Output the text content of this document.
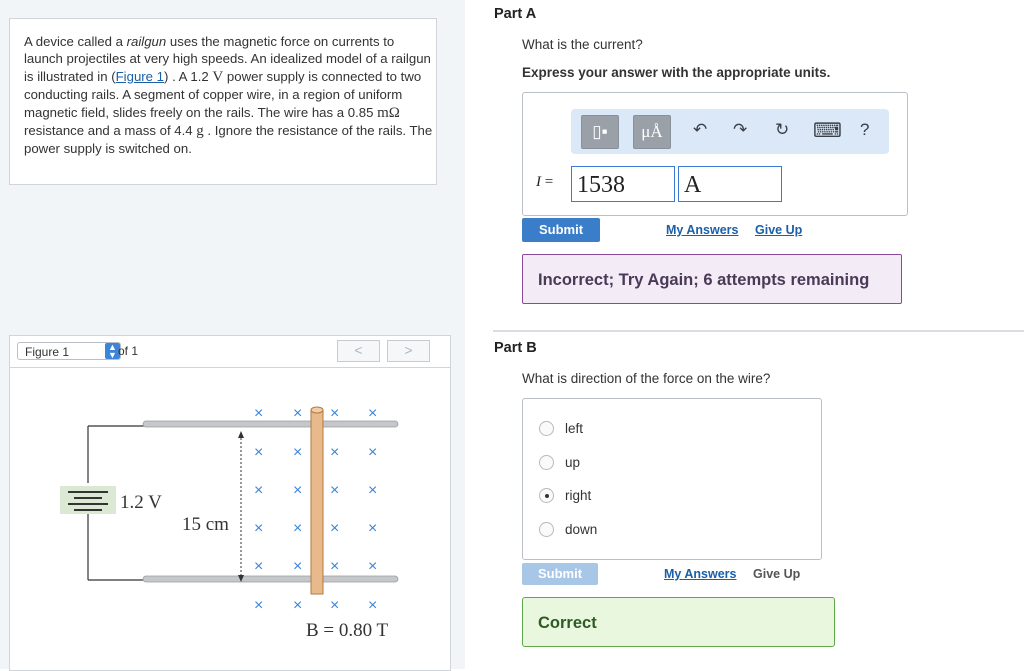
A device called a railgun uses the magnetic force on currents to launch projectiles at very high speeds. An idealized model of a railgun is illustrated in (Figure 1) . A 1.2 V power supply is connected to two conducting rails. A segment of copper wire, in a region of uniform magnetic field, slides freely on the rails. The wire has a 0.85 mΩ resistance and a mass of 4.4 g . Ignore the resistance of the rails. The power supply is switched on.
Figure 1	▲
▼ of 1	<	>
1.2 V
15 cm
× × × ×
× × × ×
× × × ×
× × × ×
× × × ×
× × × ×
B = 0.80 T
Part A
What is the current?
Express your answer with the appropriate units.
▯▪	μÅ	↶ ↷ ↻ ⌨ ?
I = 1538	A
Submit	My Answers Give Up
Incorrect; Try Again; 6 attempts remaining
Part B
What is direction of the force on the wire?
left
up
right
down
Submit	My Answers Give Up
Correct
